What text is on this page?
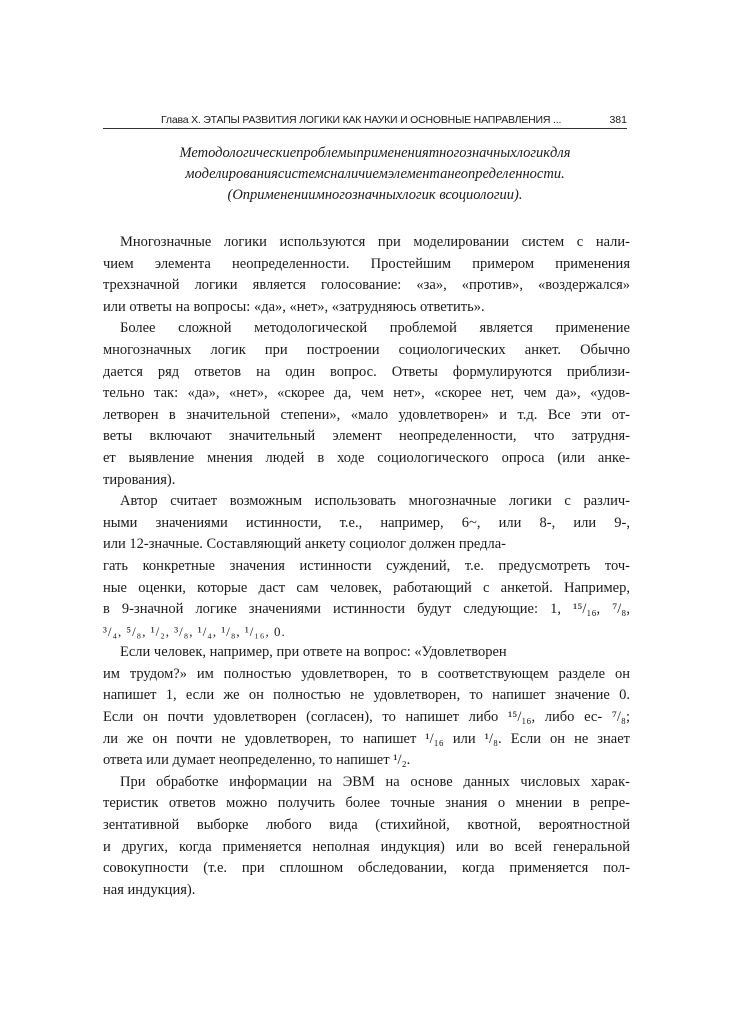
Глава X. ЭТАПЫ РАЗВИТИЯ ЛОГИКИ КАК НАУКИ И ОСНОВНЫЕ НАПРАВЛЕНИЯ ...	381
Методологическиепроблемыпримененияmногозначныхлогикдля
моделированиясистемсналичиемэлементанеопределенности.
(Оприменениимногозначныхлогик всоциологии).
Многозначные логики используются при моделировании систем с нали-
чием элемента неопределенности. Простейшим примером применения
трехзначной логики является голосование: «за», «против», «воздержался»
или ответы на вопросы: «да», «нет», «затрудняюсь ответить».
Более сложной методологической проблемой является применение
многозначных логик при построении социологических анкет. Обычно
дается ряд ответов на один вопрос. Ответы формулируются приблизи-
тельно так: «да», «нет», «скорее да, чем нет», «скорее нет, чем да», «удов-
летворен в значительной степени», «мало удовлетворен» и т.д. Все эти от-
веты включают значительный элемент неопределенности, что затрудня-
ет выявление мнения людей в ходе социологического опроса (или анке-
тирования).
Автор считает возможным использовать многозначные логики с различ-
ными значениями истинности, т.е., например, 6~, или 8-, или 9-,
или 12-значные. Составляющий анкету социолог должен предла-
гать конкретные значения истинности суждений, т.е. предусмотреть точ-
ные оценки, которые даст сам человек, работающий с анкетой. Например,
в 9-значной логике значениями истинности будут следующие: 1, ¹⁵/₁₆, ⁷/₈,
³/₄, ⁵/₈, ¹/₂, ³/₈, ¹/₄, ¹/₈, ¹/₁₆, 0.
Если человек, например, при ответе на вопрос: «Удовлетворен
им трудом?» им полностью удовлетворен, то в соответствующем разделе он
напишет 1, если же он полностью не удовлетворен, то напишет значение 0.
Если он почти удовлетворен (согласен), то напишет либо ¹⁵/₁₆, либо ес- ⁷/₈;
ли же он почти не удовлетворен, то напишет ¹/₁₆ или ¹/₈. Если он не знает
ответа или думает неопределенно, то напишет ¹/₂.
При обработке информации на ЭВМ на основе данных числовых харак-
теристик ответов можно получить более точные знания о мнении в репре-
зентативной выборке любого вида (стихийной, квотной, вероятностной
и других, когда применяется неполная индукция) или во всей генеральной
совокупности (т.е. при сплошном обследовании, когда применяется пол-
ная индукция).
